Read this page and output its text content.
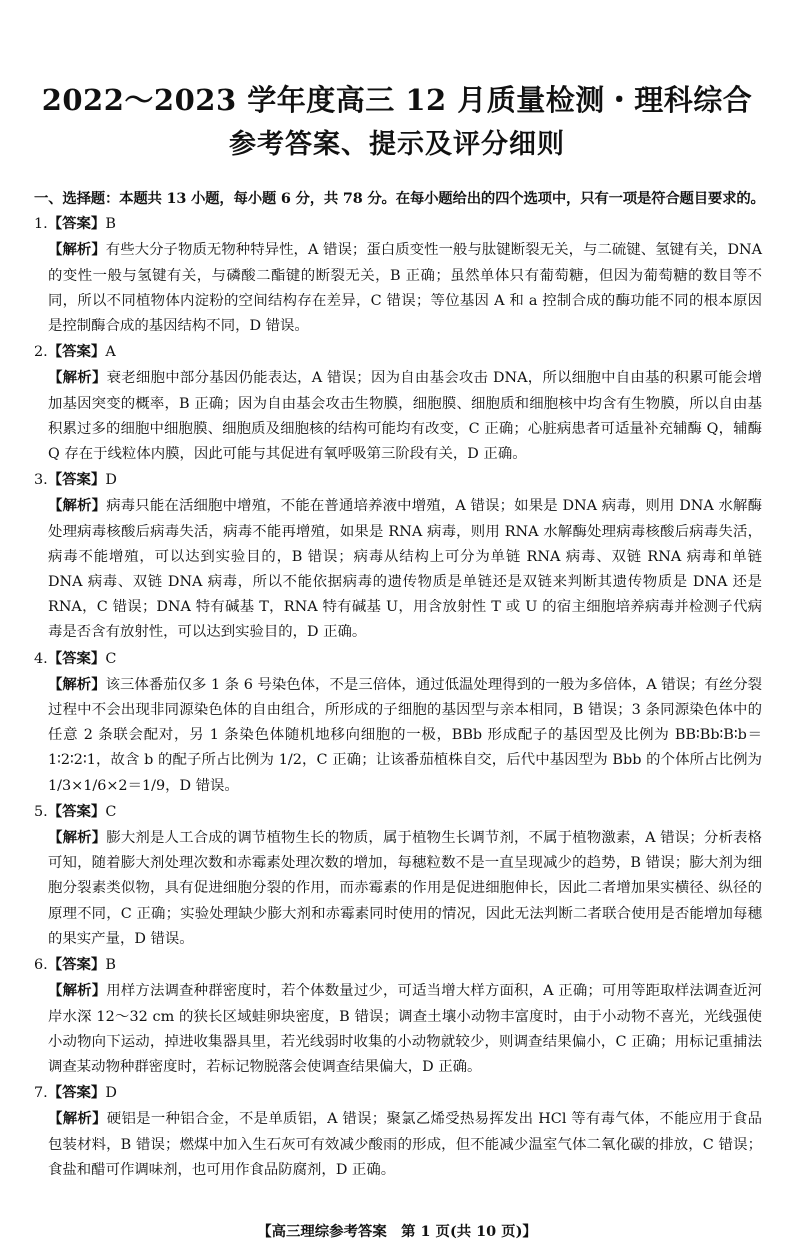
2022～2023 学年度高三 12 月质量检测・理科综合
参考答案、提示及评分细则
一、选择题：本题共 13 小题，每小题 6 分，共 78 分。在每小题给出的四个选项中，只有一项是符合题目要求的。
1.【答案】B
【解析】有些大分子物质无物种特异性，A 错误；蛋白质变性一般与肽键断裂无关，与二硫键、氢键有关，DNA 的变性一般与氢键有关，与磷酸二酯键的断裂无关，B 正确；虽然单体只有葡萄糖，但因为葡萄糖的数目等不同，所以不同植物体内淀粉的空间结构存在差异，C 错误；等位基因 A 和 a 控制合成的酶功能不同的根本原因是控制酶合成的基因结构不同，D 错误。
2.【答案】A
【解析】衰老细胞中部分基因仍能表达，A 错误；因为自由基会攻击 DNA，所以细胞中自由基的积累可能会增加基因突变的概率，B 正确；因为自由基会攻击生物膜，细胞膜、细胞质和细胞核中均含有生物膜，所以自由基积累过多的细胞中细胞膜、细胞质及细胞核的结构可能均有改变，C 正确；心脏病患者可适量补充辅酶 Q，辅酶 Q 存在于线粒体内膜，因此可能与其促进有氧呼吸第三阶段有关，D 正确。
3.【答案】D
【解析】病毒只能在活细胞中增殖，不能在普通培养液中增殖，A 错误；如果是 DNA 病毒，则用 DNA 水解酶处理病毒核酸后病毒失活，病毒不能再增殖，如果是 RNA 病毒，则用 RNA 水解酶处理病毒核酸后病毒失活，病毒不能增殖，可以达到实验目的，B 错误；病毒从结构上可分为单链 RNA 病毒、双链 RNA 病毒和单链 DNA 病毒、双链 DNA 病毒，所以不能依据病毒的遗传物质是单链还是双链来判断其遗传物质是 DNA 还是 RNA，C 错误；DNA 特有碱基 T，RNA 特有碱基 U，用含放射性 T 或 U 的宿主细胞培养病毒并检测子代病毒是否含有放射性，可以达到实验目的，D 正确。
4.【答案】C
【解析】该三体番茄仅多 1 条 6 号染色体，不是三倍体，通过低温处理得到的一般为多倍体，A 错误；有丝分裂过程中不会出现非同源染色体的自由组合，所形成的子细胞的基因型与亲本相同，B 错误；3 条同源染色体中的任意 2 条联会配对，另 1 条染色体随机地移向细胞的一极，BBb 形成配子的基因型及比例为 BB∶Bb∶B∶b＝1∶2∶2∶1，故含 b 的配子所占比例为 1/2，C 正确；让该番茄植株自交，后代中基因型为 Bbb 的个体所占比例为 1/3×1/6×2＝1/9，D 错误。
5.【答案】C
【解析】膨大剂是人工合成的调节植物生长的物质，属于植物生长调节剂，不属于植物激素，A 错误；分析表格可知，随着膨大剂处理次数和赤霉素处理次数的增加，每穗粒数不是一直呈现减少的趋势，B 错误；膨大剂为细胞分裂素类似物，具有促进细胞分裂的作用，而赤霉素的作用是促进细胞伸长，因此二者增加果实横径、纵径的原理不同，C 正确；实验处理缺少膨大剂和赤霉素同时使用的情况，因此无法判断二者联合使用是否能增加每穗的果实产量，D 错误。
6.【答案】B
【解析】用样方法调查种群密度时，若个体数量过少，可适当增大样方面积，A 正确；可用等距取样法调查近河岸水深 12～32 cm 的狭长区域蛙卵块密度，B 错误；调查土壤小动物丰富度时，由于小动物不喜光，光线强使小动物向下运动，掉进收集器具里，若光线弱时收集的小动物就较少，则调查结果偏小，C 正确；用标记重捕法调查某动物种群密度时，若标记物脱落会使调查结果偏大，D 正确。
7.【答案】D
【解析】硬铝是一种铝合金，不是单质铝，A 错误；聚氯乙烯受热易挥发出 HCl 等有毒气体，不能应用于食品包装材料，B 错误；燃煤中加入生石灰可有效减少酸雨的形成，但不能减少温室气体二氧化碳的排放，C 错误；食盐和醋可作调味剂，也可用作食品防腐剂，D 正确。
【高三理综参考答案　第 1 页(共 10 页)】
